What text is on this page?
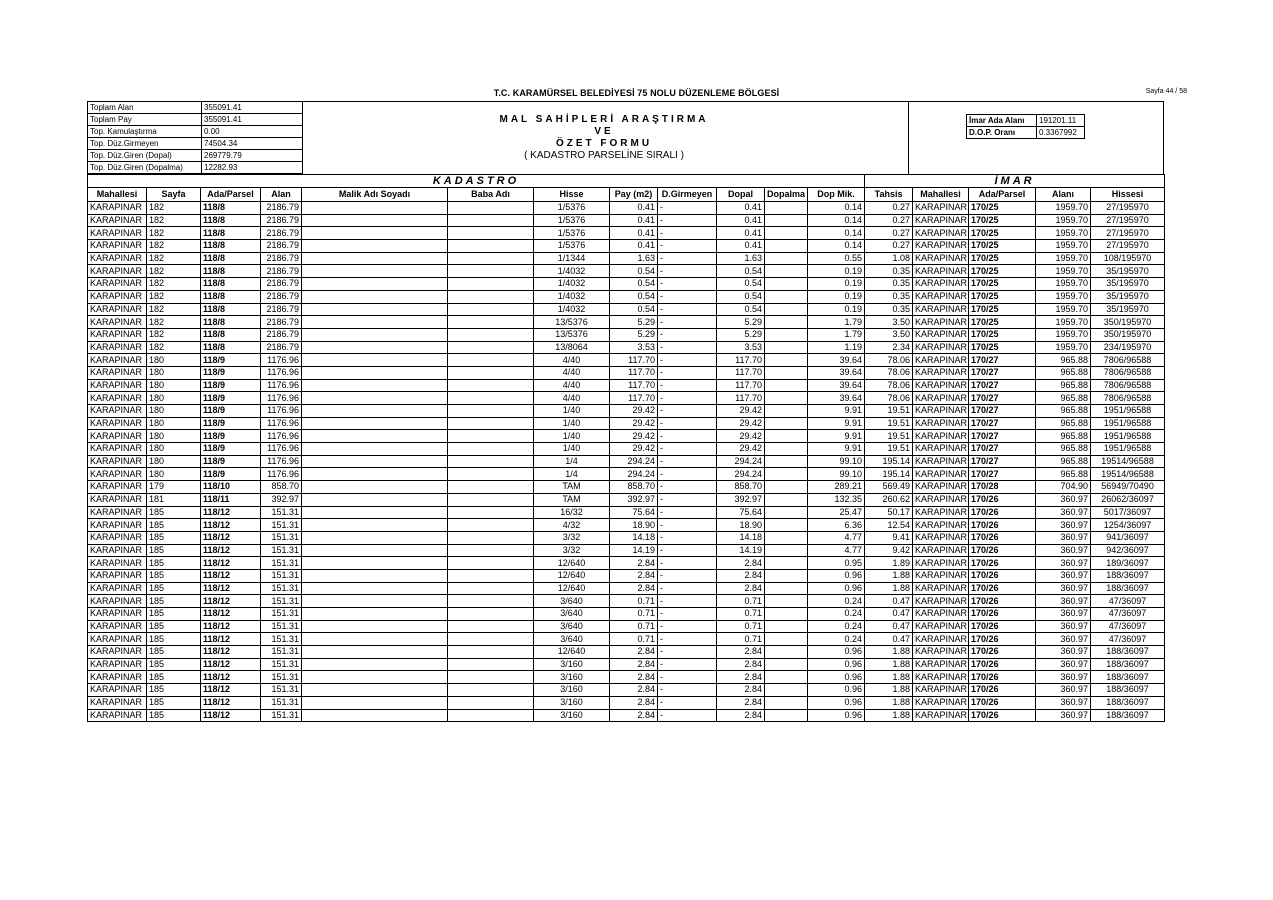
T.C. KARAMÜRSEL BELEDİYESİ 75 NOLU DÜZENLEME BÖLGESİ	Sayfa 44 / 58
Toplam Alan	355091.41
Toplam Pay	355091.41
Top. Kamulaştırma	0.00
Top. Düz.Girmeyen	74504.34
Top. Düz.Giren (Dopal)	269779.79
Top. Düz.Giren (Dopalma)	12282.93
MAL SAHİPLERİ ARAŞTIRMA
VE
ÖZET FORMU
( KADASTRO PARSELİNE SIRALI )
İmar Ada Alanı	191201.11
D.O.P. Oranı	0.3367992
KADASTRO												İMAR				
Mahallesi	Sayfa	Ada/Parsel	Alan	Malik Adı Soyadı	Baba Adı	Hisse	Pay (m2)	D.Girmeyen	Dopal	Dopalma	Dop Mik.	Tahsis	Mahallesi	Ada/Parsel	Alanı	Hissesi
KARAPINAR	182	118/8	2186.79			1/5376	0.41	-	0.41		0.14	0.27	KARAPINAR	170/25	1959.70	27/195970
KARAPINAR	182	118/8	2186.79			1/5376	0.41	-	0.41		0.14	0.27	KARAPINAR	170/25	1959.70	27/195970
KARAPINAR	182	118/8	2186.79			1/5376	0.41	-	0.41		0.14	0.27	KARAPINAR	170/25	1959.70	27/195970
KARAPINAR	182	118/8	2186.79			1/5376	0.41	-	0.41		0.14	0.27	KARAPINAR	170/25	1959.70	27/195970
KARAPINAR	182	118/8	2186.79			1/1344	1.63	-	1.63		0.55	1.08	KARAPINAR	170/25	1959.70	108/195970
KARAPINAR	182	118/8	2186.79			1/4032	0.54	-	0.54		0.19	0.35	KARAPINAR	170/25	1959.70	35/195970
KARAPINAR	182	118/8	2186.79			1/4032	0.54	-	0.54		0.19	0.35	KARAPINAR	170/25	1959.70	35/195970
KARAPINAR	182	118/8	2186.79			1/4032	0.54	-	0.54		0.19	0.35	KARAPINAR	170/25	1959.70	35/195970
KARAPINAR	182	118/8	2186.79			1/4032	0.54	-	0.54		0.19	0.35	KARAPINAR	170/25	1959.70	35/195970
KARAPINAR	182	118/8	2186.79			13/5376	5.29	-	5.29		1.79	3.50	KARAPINAR	170/25	1959.70	350/195970
KARAPINAR	182	118/8	2186.79			13/5376	5.29	-	5.29		1.79	3.50	KARAPINAR	170/25	1959.70	350/195970
KARAPINAR	182	118/8	2186.79			13/8064	3.53	-	3.53		1.19	2.34	KARAPINAR	170/25	1959.70	234/195970
KARAPINAR	180	118/9	1176.96			4/40	117.70	-	117.70		39.64	78.06	KARAPINAR	170/27	965.88	7806/96588
KARAPINAR	180	118/9	1176.96			4/40	117.70	-	117.70		39.64	78.06	KARAPINAR	170/27	965.88	7806/96588
KARAPINAR	180	118/9	1176.96			4/40	117.70	-	117.70		39.64	78.06	KARAPINAR	170/27	965.88	7806/96588
KARAPINAR	180	118/9	1176.96			4/40	117.70	-	117.70		39.64	78.06	KARAPINAR	170/27	965.88	7806/96588
KARAPINAR	180	118/9	1176.96			1/40	29.42	-	29.42		9.91	19.51	KARAPINAR	170/27	965.88	1951/96588
KARAPINAR	180	118/9	1176.96			1/40	29.42	-	29.42		9.91	19.51	KARAPINAR	170/27	965.88	1951/96588
KARAPINAR	180	118/9	1176.96			1/40	29.42	-	29.42		9.91	19.51	KARAPINAR	170/27	965.88	1951/96588
KARAPINAR	180	118/9	1176.96			1/40	29.42	-	29.42		9.91	19.51	KARAPINAR	170/27	965.88	1951/96588
KARAPINAR	180	118/9	1176.96			1/4	294.24	-	294.24		99.10	195.14	KARAPINAR	170/27	965.88	19514/96588
KARAPINAR	180	118/9	1176.96			1/4	294.24	-	294.24		99.10	195.14	KARAPINAR	170/27	965.88	19514/96588
KARAPINAR	179	118/10	858.70			TAM	858.70	-	858.70		289.21	569.49	KARAPINAR	170/28	704.90	56949/70490
KARAPINAR	181	118/11	392.97			TAM	392.97	-	392.97		132.35	260.62	KARAPINAR	170/26	360.97	26062/36097
KARAPINAR	185	118/12	151.31			16/32	75.64	-	75.64		25.47	50.17	KARAPINAR	170/26	360.97	5017/36097
KARAPINAR	185	118/12	151.31			4/32	18.90	-	18.90		6.36	12.54	KARAPINAR	170/26	360.97	1254/36097
KARAPINAR	185	118/12	151.31			3/32	14.18	-	14.18		4.77	9.41	KARAPINAR	170/26	360.97	941/36097
KARAPINAR	185	118/12	151.31			3/32	14.19	-	14.19		4.77	9.42	KARAPINAR	170/26	360.97	942/36097
KARAPINAR	185	118/12	151.31			12/640	2.84	-	2.84		0.95	1.89	KARAPINAR	170/26	360.97	189/36097
KARAPINAR	185	118/12	151.31			12/640	2.84	-	2.84		0.96	1.88	KARAPINAR	170/26	360.97	188/36097
KARAPINAR	185	118/12	151.31			12/640	2.84	-	2.84		0.96	1.88	KARAPINAR	170/26	360.97	188/36097
KARAPINAR	185	118/12	151.31			3/640	0.71	-	0.71		0.24	0.47	KARAPINAR	170/26	360.97	47/36097
KARAPINAR	185	118/12	151.31			3/640	0.71	-	0.71		0.24	0.47	KARAPINAR	170/26	360.97	47/36097
KARAPINAR	185	118/12	151.31			3/640	0.71	-	0.71		0.24	0.47	KARAPINAR	170/26	360.97	47/36097
KARAPINAR	185	118/12	151.31			3/640	0.71	-	0.71		0.24	0.47	KARAPINAR	170/26	360.97	47/36097
KARAPINAR	185	118/12	151.31			12/640	2.84	-	2.84		0.96	1.88	KARAPINAR	170/26	360.97	188/36097
KARAPINAR	185	118/12	151.31			3/160	2.84	-	2.84		0.96	1.88	KARAPINAR	170/26	360.97	188/36097
KARAPINAR	185	118/12	151.31			3/160	2.84	-	2.84		0.96	1.88	KARAPINAR	170/26	360.97	188/36097
KARAPINAR	185	118/12	151.31			3/160	2.84	-	2.84		0.96	1.88	KARAPINAR	170/26	360.97	188/36097
KARAPINAR	185	118/12	151.31			3/160	2.84	-	2.84		0.96	1.88	KARAPINAR	170/26	360.97	188/36097
KARAPINAR	185	118/12	151.31			3/160	2.84	-	2.84		0.96	1.88	KARAPINAR	170/26	360.97	188/36097
